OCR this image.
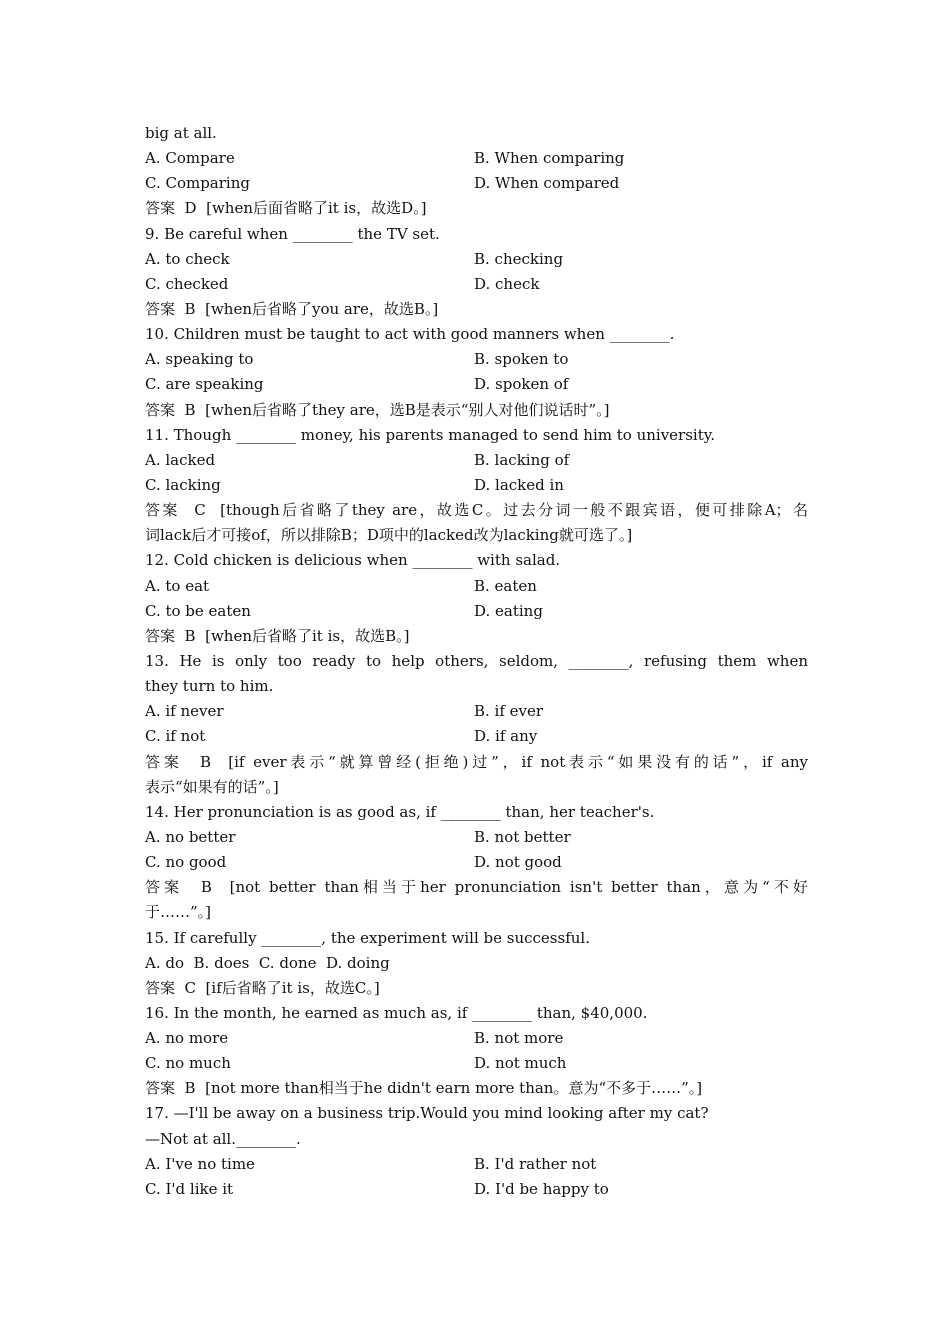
big at all.
A. Compare	B. When comparing
C. Comparing	D. When compared
答案  D  [when后面省略了it is，故选D。]
9. Be careful when ________ the TV set.
A. to check	B. checking
C. checked	D. check
答案  B  [when后省略了you are，故选B。]
10. Children must be taught to act with good manners when ________.
A. speaking to	B. spoken to
C. are speaking	D. spoken of
答案  B  [when后省略了they are，选B是表示“别人对他们说话时”。]
11. Though ________ money, his parents managed to send him to university.
A. lacked	B. lacking of
C. lacking	D. lacked in
答案  C  [though后省略了they are，故选C。过去分词一般不跟宾语，便可排除A；名
词lack后才可接of，所以排除B；D项中的lacked改为lacking就可选了。]
12. Cold chicken is delicious when ________ with salad.
A. to eat	B. eaten
C. to be eaten	D. eating
答案  B  [when后省略了it is，故选B。]
13. He is only too ready to help others, seldom, ________, refusing them when
they turn to him.
A. if never	B. if ever
C. if not	D. if any
答案  B  [if ever表示“就算曾经(拒绝)过”，if not表示“如果没有的话”，if any
表示“如果有的话”。]
14. Her pronunciation is as good as, if ________ than, her teacher's.
A. no better	B. not better
C. no good	D. not good
答案  B  [not better than相当于her pronunciation isn't better than，意为“不好
于……”。]
15. If carefully ________, the experiment will be successful.
A. do  B. does  C. done  D. doing
答案  C  [if后省略了it is，故选C。]
16. In the month, he earned as much as, if ________ than, $40,000.
A. no more	B. not more
C. no much	D. not much
答案  B  [not more than相当于he didn't earn more than。意为“不多于……”。]
17. —I'll be away on a business trip.Would you mind looking after my cat?
—Not at all.________.
A. I've no time	B. I'd rather not
C. I'd like it	D. I'd be happy to
